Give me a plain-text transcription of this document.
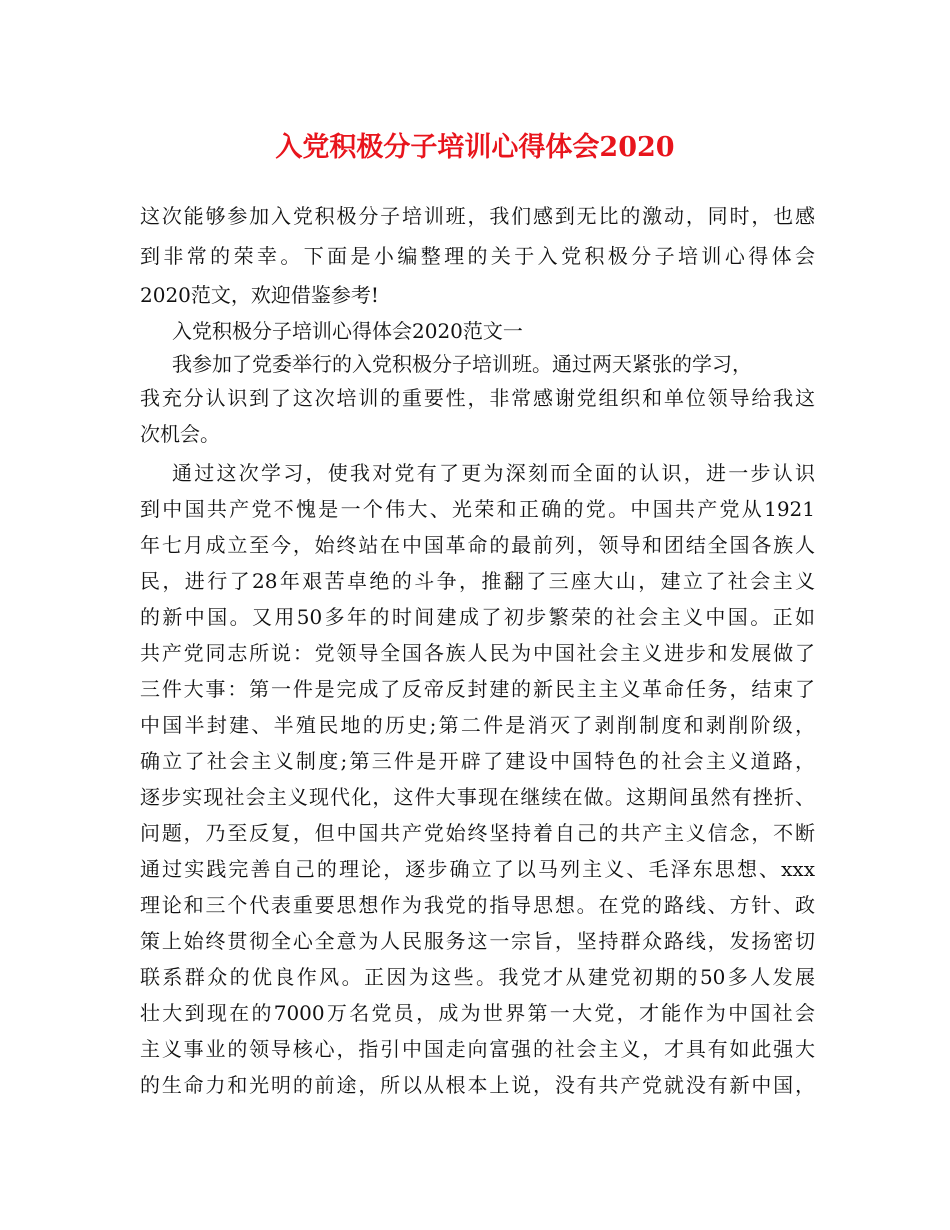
入党积极分子培训心得体会2020
这次能够参加入党积极分子培训班，我们感到无比的激动，同时，也感
到非常的荣幸。下面是小编整理的关于入党积极分子培训心得体会
2020范文，欢迎借鉴参考!
入党积极分子培训心得体会2020范文一
我参加了党委举行的入党积极分子培训班。通过两天紧张的学习，
我充分认识到了这次培训的重要性，非常感谢党组织和单位领导给我这
次机会。
通过这次学习，使我对党有了更为深刻而全面的认识，进一步认识
到中国共产党不愧是一个伟大、光荣和正确的党。中国共产党从1921
年七月成立至今，始终站在中国革命的最前列，领导和团结全国各族人
民，进行了28年艰苦卓绝的斗争，推翻了三座大山，建立了社会主义
的新中国。又用50多年的时间建成了初步繁荣的社会主义中国。正如
共产党同志所说：党领导全国各族人民为中国社会主义进步和发展做了
三件大事：第一件是完成了反帝反封建的新民主主义革命任务，结束了
中国半封建、半殖民地的历史;第二件是消灭了剥削制度和剥削阶级，
确立了社会主义制度;第三件是开辟了建设中国特色的社会主义道路，
逐步实现社会主义现代化，这件大事现在继续在做。这期间虽然有挫折、
问题，乃至反复，但中国共产党始终坚持着自己的共产主义信念，不断
通过实践完善自己的理论，逐步确立了以马列主义、毛泽东思想、xxx
理论和三个代表重要思想作为我党的指导思想。在党的路线、方针、政
策上始终贯彻全心全意为人民服务这一宗旨，坚持群众路线，发扬密切
联系群众的优良作风。正因为这些。我党才从建党初期的50多人发展
壮大到现在的7000万名党员，成为世界第一大党，才能作为中国社会
主义事业的领导核心，指引中国走向富强的社会主义，才具有如此强大
的生命力和光明的前途，所以从根本上说，没有共产党就没有新中国，
